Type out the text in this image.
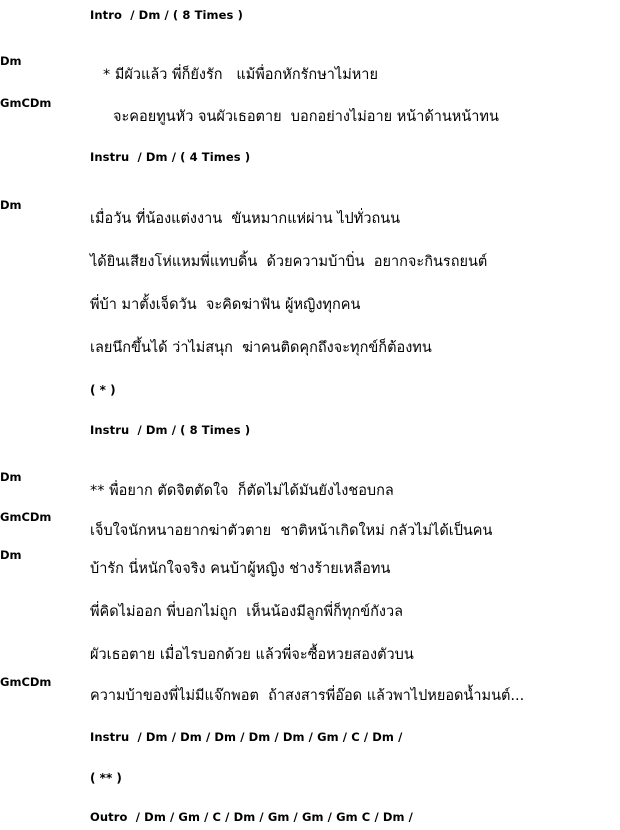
Intro / Dm / ( 8 Times )
Dm
* มีผัวแล้ว พี่ก็ยังรัก   แม้พื่อกหักรักษาไม่หาย
GmCDm
จะคอยทูนหัว จนผัวเธอตาย  บอกอย่างไม่อาย หน้าด้านหน้าทน
Instru / Dm / ( 4 Times )
Dm
เมื่อวัน ที่น้องแต่งงาน  ขันหมากแห่ผ่าน ไปทั่วถนน
ได้ยินเสียงโห่แหมพี่แทบดิ้น  ด้วยความบ้าบิ่น  อยากจะกินรถยนต์
พี่บ้า มาตั้งเจ็ดวัน  จะคิดฆ่าฟัน ผู้หญิงทุกคน
เลยนึกขึ้นได้ ว่าไม่สนุก  ฆ่าคนติดคุกถึงจะทุกข์ก็ต้องทน
( * )
Instru / Dm / ( 8 Times )
Dm
** พื่อยาก ตัดจิตตัดใจ  ก็ตัดไม่ได้มันยังไงชอบกล
GmCDm
เจ็บใจนักหนาอยากฆ่าตัวตาย  ชาติหน้าเกิดใหม่ กลัวไม่ได้เป็นคน
Dm
บ้ารัก นี่หนักใจจริง คนบ้าผู้หญิง ช่างร้ายเหลือทน
พี่คิดไม่ออก พี่บอกไม่ถูก  เห็นน้องมีลูกพี่ก็ทุกข์กังวล
ผัวเธอตาย เมื่อไรบอกด้วย แล้วพี่จะซื้อหวยสองตัวบน
GmCDm
ความบ้าของพี่ไม่มีแจ๊กพอต  ถ้าสงสารพี่อ๊อด แล้วพาไปหยอดน้ำมนต์...
Instru / Dm / Dm / Dm / Dm / Dm / Gm / C / Dm /
( ** )
Outro / Dm / Gm / C / Dm / Gm / Gm / Gm C / Dm /
